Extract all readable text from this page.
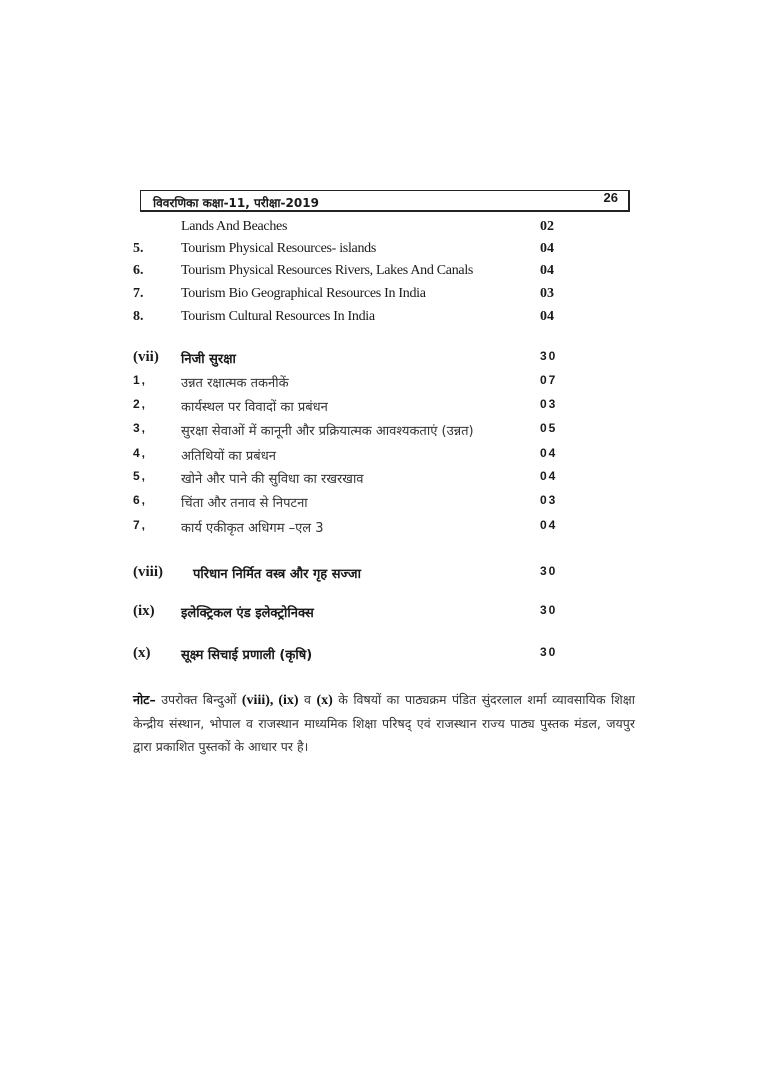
विवरणिका कक्षा-11, परीक्षा-2019	26
Lands And Beaches	02
5.	Tourism Physical Resources- islands	04
6.	Tourism Physical Resources Rivers, Lakes And Canals	04
7.	Tourism Bio Geographical Resources In India	03
8.	Tourism Cultural Resources In India	04
(vii) निजी सुरक्षा	30
1,	उन्नत रक्षात्मक तकनीकें	07
2,	कार्यस्थल पर विवादों का प्रबंधन	03
3,	सुरक्षा सेवाओं में कानूनी और प्रक्रियात्मक आवश्यकताएं (उन्नत)	05
4,	अतिथियों का प्रबंधन	04
5,	खोने और पाने की सुविधा का रखरखाव	04
6,	चिंता और तनाव से निपटना	03
7,	कार्य एकीकृत अधिगम –एल 3	04
(viii) परिधान निर्मित वस्त्र और गृह सज्जा	30
(ix) इलेक्ट्रिकल एंड इलेक्ट्रोनिक्स	30
(x) सूक्ष्म सिचाई प्रणाली (कृषि)	30
नोट– उपरोक्त बिन्दुओं (viii), (ix) व (x) के विषयों का पाठ्यक्रम पंडित सुंदरलाल शर्मा व्यावसायिक शिक्षा केन्द्रीय संस्थान, भोपाल व राजस्थान माध्यमिक शिक्षा परिषद् एवं राजस्थान राज्य पाठ्य पुस्तक मंडल, जयपुर द्वारा प्रकाशित पुस्तकों के आधार पर है।
